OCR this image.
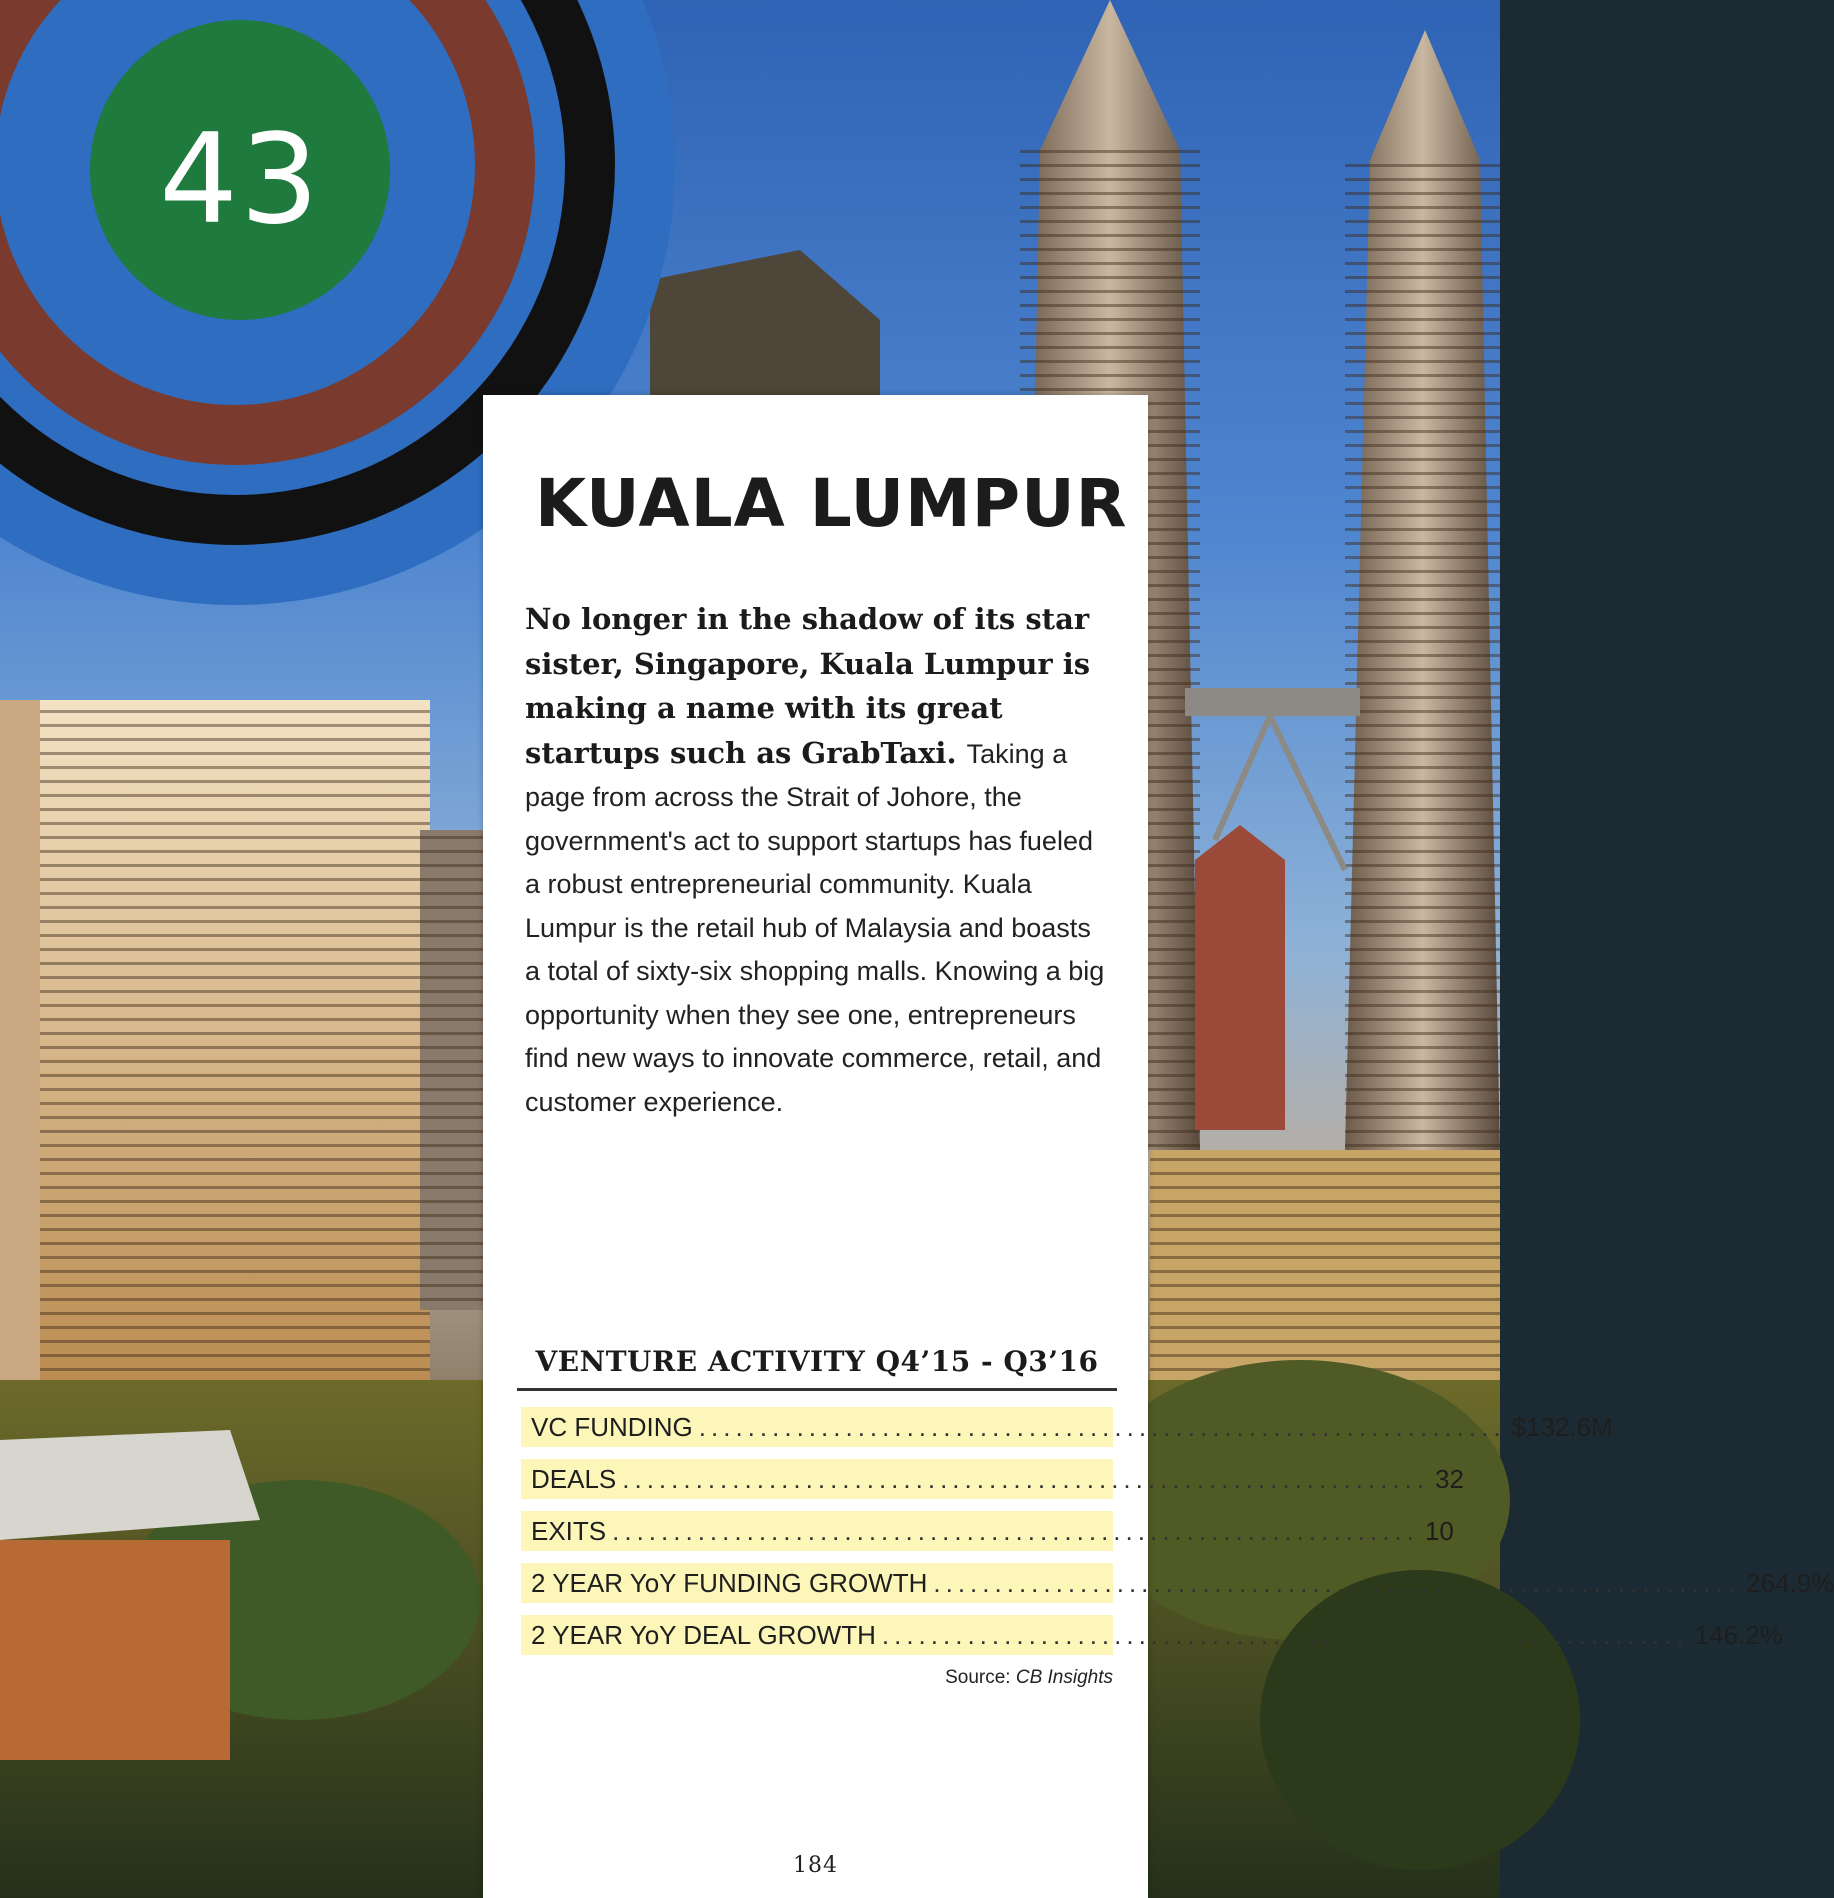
43
KUALA LUMPUR
No longer in the shadow of its star sister, Singapore, Kuala Lumpur is making a name with its great startups such as GrabTaxi. Taking a page from across the Strait of Johore, the government's act to support startups has fueled a robust entrepreneurial community. Kuala Lumpur is the retail hub of Malaysia and boasts a total of sixty-six shopping malls. Knowing a big opportunity when they see one, entrepreneurs find new ways to innovate commerce, retail, and customer experience.
VENTURE ACTIVITY Q4’15 - Q3’16
VC FUNDING .................................................................. $132.6M
DEALS .................................................................. 32
EXITS .................................................................. 10
2 YEAR YoY FUNDING GROWTH .................................................................. 264.9%
2 YEAR YoY DEAL GROWTH .................................................................. 146.2%
Source: CB Insights
184
